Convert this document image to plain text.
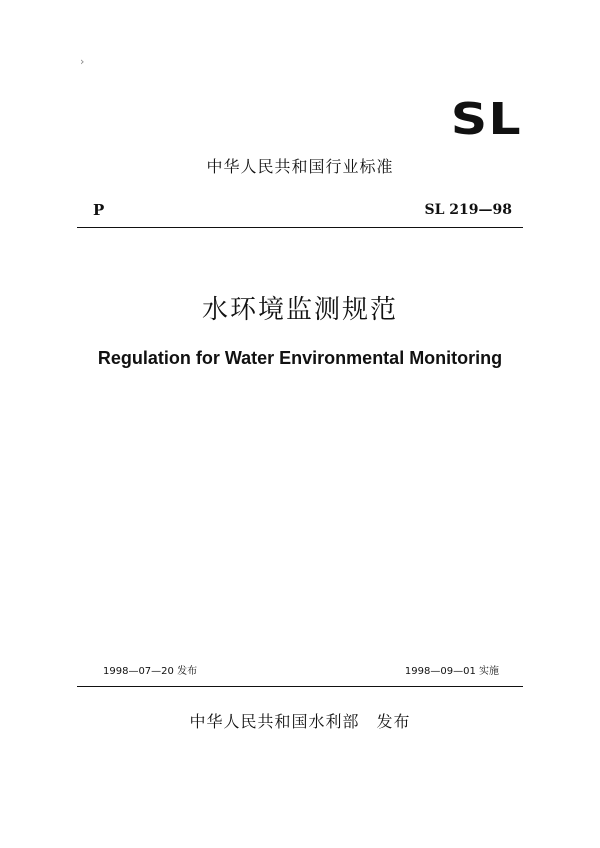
›
SL
中华人民共和国行业标准
P	SL 219—98
水环境监测规范
Regulation for Water Environmental Monitoring
1998—07—20 发布	1998—09—01 实施
中华人民共和国水利部　发布
